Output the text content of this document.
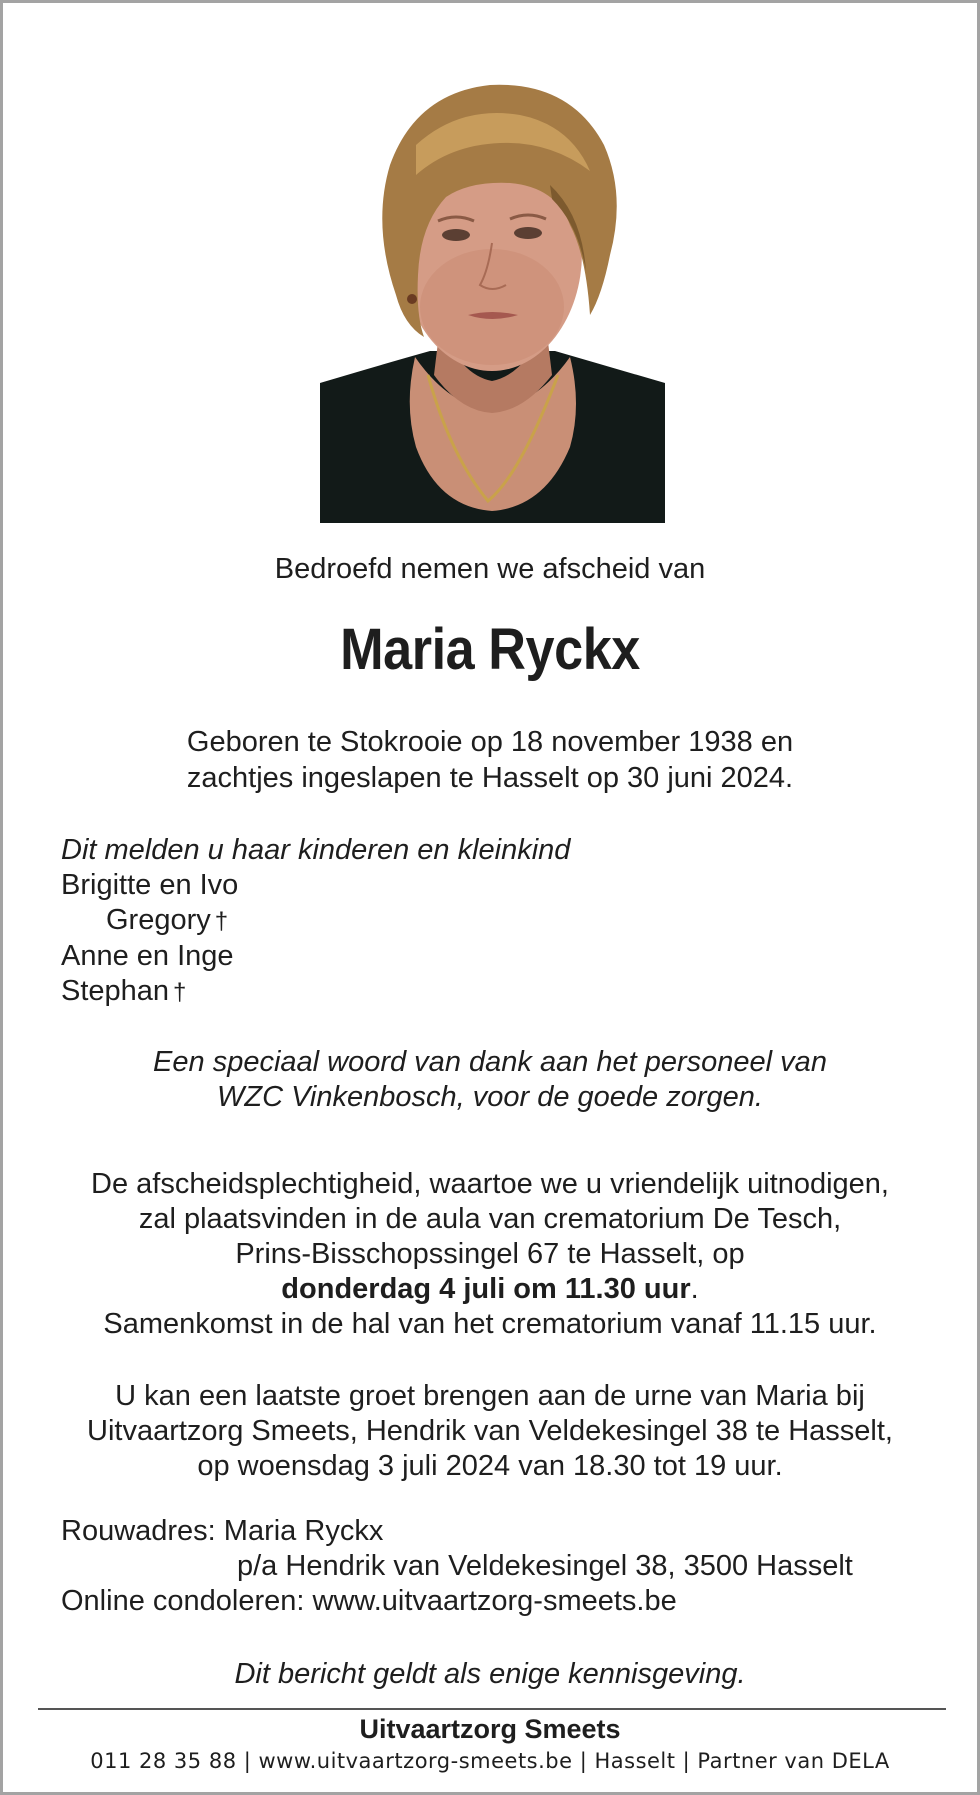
Bedroefd nemen we afscheid van
Maria Ryckx
Geboren te Stokrooie op 18 november 1938 en
zachtjes ingeslapen te Hasselt op 30 juni 2024.
Dit melden u haar kinderen en kleinkind
Brigitte en Ivo
Gregory †
Anne en Inge
Stephan †
Een speciaal woord van dank aan het personeel van
WZC Vinkenbosch, voor de goede zorgen.
De afscheidsplechtigheid, waartoe we u vriendelijk uitnodigen,
zal plaatsvinden in de aula van crematorium De Tesch,
Prins-Bisschopssingel 67 te Hasselt, op
donderdag 4 juli om 11.30 uur.
Samenkomst in de hal van het crematorium vanaf 11.15 uur.
U kan een laatste groet brengen aan de urne van Maria bij
Uitvaartzorg Smeets, Hendrik van Veldekesingel 38 te Hasselt,
op woensdag 3 juli 2024 van 18.30 tot 19 uur.
Rouwadres: Maria Ryckx
p/a Hendrik van Veldekesingel 38, 3500 Hasselt
Online condoleren: www.uitvaartzorg-smeets.be
Dit bericht geldt als enige kennisgeving.
Uitvaartzorg Smeets
011 28 35 88 | www.uitvaartzorg-smeets.be | Hasselt | Partner van DELA
